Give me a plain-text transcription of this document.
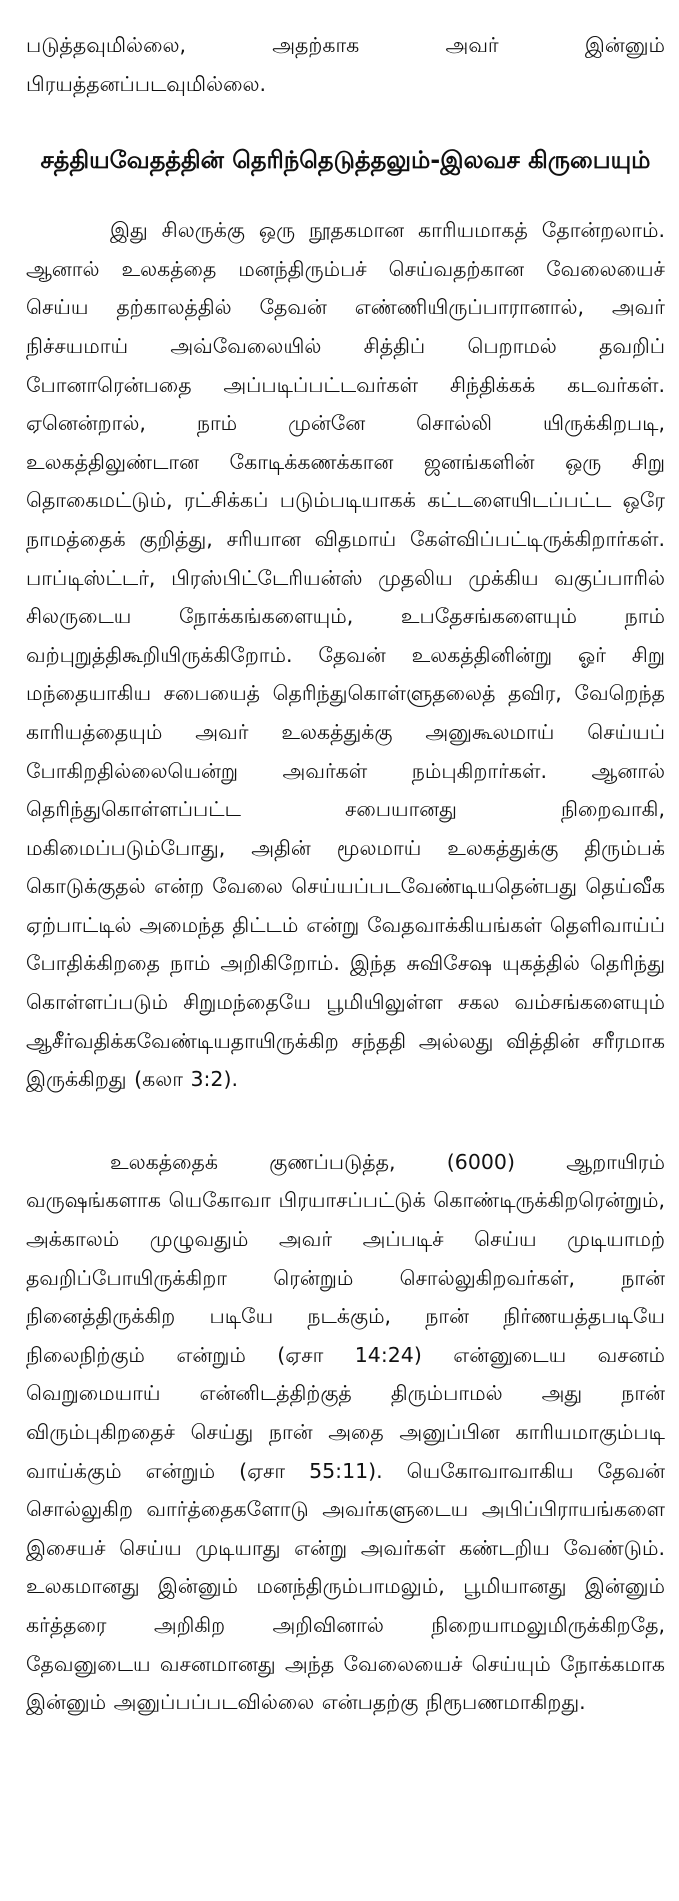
படுத்தவுமில்லை, அதற்காக அவர் இன்னும் பிரயத்தனப்படவுமில்லை.

சத்தியவேதத்தின் தெரிந்தெடுத்தலும்-இலவச கிருபையும்

இது சிலருக்கு ஒரு நூதகமான காரியமாகத் தோன்றலாம். ஆனால் உலகத்தை மனந்திரும்பச் செய்வதற்கான வேலையைச் செய்ய தற்காலத்தில் தேவன் எண்ணியிருப்பாரானால், அவர் நிச்சயமாய் அவ்வேலையில் சித்திப் பெறாமல் தவறிப் போனாரென்பதை அப்படிப்பட்டவர்கள் சிந்திக்கக் கடவர்கள். ஏனென்றால், நாம் முன்னே சொல்லி யிருக்கிறபடி, உலகத்திலுண்டான கோடிக்கணக்கான ஜனங்களின் ஒரு சிறு தொகைமட்டும், ரட்சிக்கப் படும்படியாகக் கட்டளையிடப்பட்ட ஒரே நாமத்தைக் குறித்து, சரியான விதமாய் கேள்விப்பட்டிருக்கிறார்கள். பாப்டிஸ்ட்டர், பிரஸ்பிட்டேரியன்ஸ் முதலிய முக்கிய வகுப்பாரில் சிலருடைய நோக்கங்களையும், உபதேசங்களையும் நாம் வற்புறுத்திகூறியிருக்கிறோம். தேவன் உலகத்தினின்று ஓர் சிறு மந்தையாகிய சபையைத் தெரிந்துகொள்ளுதலைத் தவிர, வேறெந்த காரியத்தையும் அவர் உலகத்துக்கு அனுகூலமாய் செய்யப் போகிறதில்லையென்று அவர்கள் நம்புகிறார்கள். ஆனால் தெரிந்துகொள்ளப்பட்ட சபையானது நிறைவாகி, மகிமைப்படும்போது, அதின் மூலமாய் உலகத்துக்கு திரும்பக் கொடுக்குதல் என்ற வேலை செய்யப்படவேண்டியதென்பது தெய்வீக ஏற்பாட்டில் அமைந்த திட்டம் என்று வேதவாக்கியங்கள் தெளிவாய்ப் போதிக்கிறதை நாம் அறிகிறோம். இந்த சுவிசேஷ யுகத்தில் தெரிந்து கொள்ளப்படும் சிறுமந்தையே பூமியிலுள்ள சகல வம்சங்களையும் ஆசீர்வதிக்கவேண்டியதாயிருக்கிற சந்ததி அல்லது வித்தின் சரீரமாக இருக்கிறது (கலா 3:2).

உலகத்தைக் குணப்படுத்த, (6000) ஆறாயிரம் வருஷங்களாக யெகோவா பிரயாசப்பட்டுக் கொண்டிருக்கிறரென்றும், அக்காலம் முழுவதும் அவர் அப்படிச் செய்ய முடியாமற் தவறிப்போயிருக்கிறா ரென்றும் சொல்லுகிறவர்கள், நான் நினைத்திருக்கிற படியே நடக்கும், நான் நிர்ணயத்தபடியே நிலைநிற்கும் என்றும் (ஏசா 14:24) என்னுடைய வசனம் வெறுமையாய் என்னிடத்திற்குத் திரும்பாமல் அது நான் விரும்புகிறதைச் செய்து நான் அதை அனுப்பின காரியமாகும்படி வாய்க்கும் என்றும் (ஏசா 55:11). யெகோவாவாகிய தேவன் சொல்லுகிற வார்த்தைகளோடு அவர்களுடைய அபிப்பிராயங்களை இசையச் செய்ய முடியாது என்று அவர்கள் கண்டறிய வேண்டும். உலகமானது இன்னும் மனந்திரும்பாமலும், பூமியானது இன்னும் கர்த்தரை அறிகிற அறிவினால் நிறையாமலுமிருக்கிறதே, தேவனுடைய வசனமானது அந்த வேலையைச் செய்யும் நோக்கமாக இன்னும் அனுப்பப்படவில்லை என்பதற்கு நிரூபணமாகிறது.
